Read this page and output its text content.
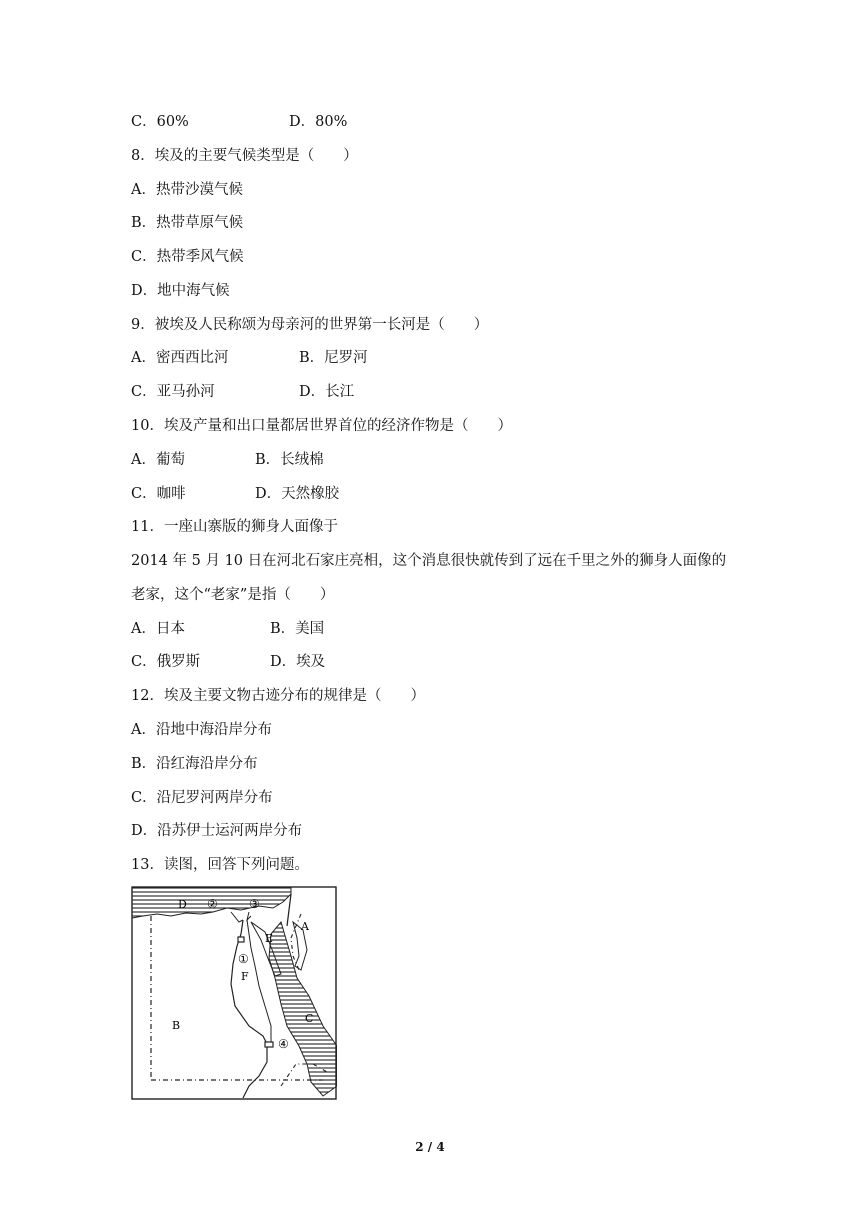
C．60%	D．80%
8．埃及的主要气候类型是（　　）
A．热带沙漠气候
B．热带草原气候
C．热带季风气候
D．地中海气候
9．被埃及人民称颂为母亲河的世界第一长河是（　　）
A．密西西比河	B．尼罗河
C．亚马孙河	D．长江
10．埃及产量和出口量都居世界首位的经济作物是（　　）
A．葡萄	B．长绒棉
C．咖啡	D．天然橡胶
11．一座山寨版的狮身人面像于
2014 年 5 月 10 日在河北石家庄亮相，这个消息很快就传到了远在千里之外的狮身人面像的
老家，这个“老家”是指（　　）
A．日本	B．美国
C．俄罗斯	D．埃及
12．埃及主要文物古迹分布的规律是（　　）
A．沿地中海沿岸分布
B．沿红海沿岸分布
C．沿尼罗河两岸分布
D．沿苏伊士运河两岸分布
13．读图，回答下列问题。
D ②	③
A
E
①
F
B
C
④
2 / 4
